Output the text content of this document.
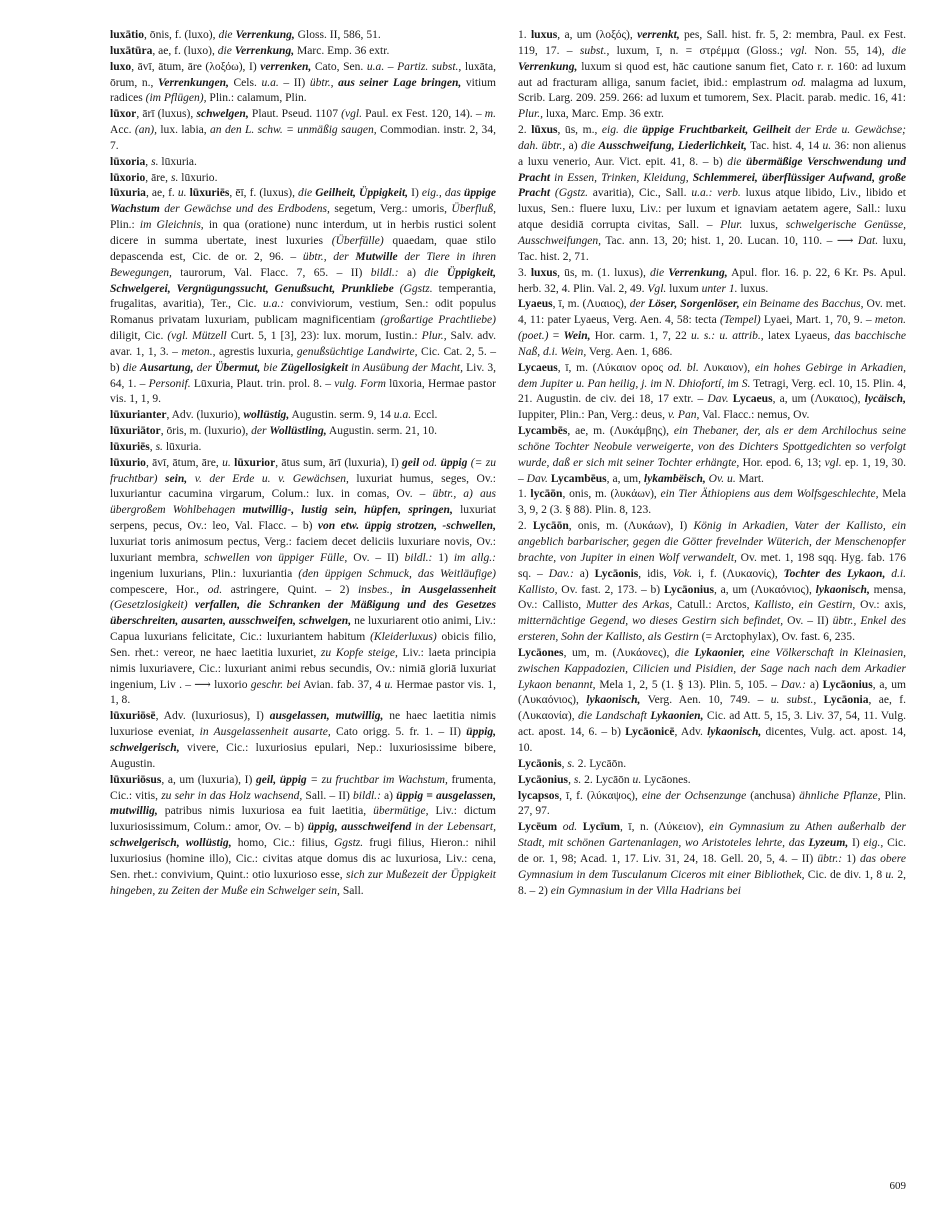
luxātio, ōnis, f. (luxo), die Verrenkung, Gloss. II, 586, 51.

luxātūra, ae, f. (luxo), die Verrenkung, Marc. Emp. 36 extr.

luxo, āvī, ātum, āre (λοξόω), I) verrenken, Cato, Sen. u.a. – Partiz. subst., luxāta, ōrum, n., Verrenkungen, Cels. u.a. – II) übtr., aus seiner Lage bringen, vitium radices (im Pflügen), Plin.: calamum, Plin.

lūxor, ārī (luxus), schwelgen, Plaut. Pseud. 1107 (vgl. Paul. ex Fest. 120, 14). – m. Acc. (an), lux. labia, an den L. schw. = unmäßig saugen, Commodian. instr. 2, 34, 7.

lūxoria, s. lūxuria.

lūxorio, āre, s. lūxurio.

lūxuria, ae, f. u. lūxuriēs, ēī, f. (luxus), die Geilheit, Üppigkeit, I) eig., das üppige Wachstum der Gewächse und des Erdbodens, segetum, Verg.: umoris, Überfluß, Plin.: im Gleichnis, in qua (oratione) nunc interdum, ut in herbis rustici solent dicere in summa ubertate, inest luxuries (Überfülle) quaedam, quae stilo depascenda est, Cic. de or. 2, 96. – übtr., der Mutwille der Tiere in ihren Bewegungen, taurorum, Val. Flacc. 7, 65. – II) bildl.: a) die Üppigkeit, Schwelgerei, Vergnügungssucht, Genußsucht, Prunkliebe (Ggstz. temperantia, frugalitas, avaritia), Ter., Cic. u.a.: conviviorum, vestium, Sen.: odit populus Romanus privatam luxuriam, publicam magnificentiam (großartige Prachtliebe) diligit, Cic. (vgl. Mützell Curt. 5, 1 [3], 23): lux. morum, Iustin.: Plur., Salv. adv. avar. 1, 1, 3. – meton., agrestis luxuria, genußsüchtige Landwirte, Cic. Cat. 2, 5. – b) die Ausartung, der Übermut, bie Zügellosigkeit in Ausübung der Macht, Liv. 3, 64, 1. – Personif. Lūxuria, Plaut. trin. prol. 8. – vulg. Form lūxoria, Hermae pastor vis. 1, 1, 9.

lūxurianter, Adv. (luxurio), wollüstig, Augustin. serm. 9, 14 u.a. Eccl.

lūxuriātor, ōris, m. (luxurio), der Wollüstling, Augustin. serm. 21, 10.

lūxuriēs, s. lūxuria.

lūxurio, āvī, ātum, āre, u. lūxurior, ātus sum, ārī (luxuria), I) geil od. üppig (= zu fruchtbar) sein, v. der Erde u. v. Gewächsen, luxuriat humus, seges, Ov.: luxuriantur cacumina virgarum, Colum.: lux. in comas, Ov. – übtr., a) aus übergroßem Wohlbehagen mutwillig-, lustig sein, hüpfen, springen, luxuriat serpens, pecus, Ov.: leo, Val. Flacc. – b) von etw. üppig strotzen, -schwellen, luxuriat toris animosum pectus, Verg.: faciem decet deliciis luxuriare novis, Ov.: luxuriant membra, schwellen von üppiger Fülle, Ov. – II) bildl.: 1) im allg.: ingenium luxurians, Plin.: luxuriantia (den üppigen Schmuck, das Weitläufige) compescere, Hor., od. astringere, Quint. – 2) insbes., in Ausgelassenheit (Gesetzlosigkeit) verfallen, die Schranken der Mäßigung und des Gesetzes überschreiten, ausarten, ausschweifen, schwelgen, ne luxuriarent otio animi, Liv.: Capua luxurians felicitate, Cic.: luxuriantem habitum (Kleiderluxus) obicis filio, Sen. rhet.: vereor, ne haec laetitia luxuriet, zu Kopfe steige, Liv.: laeta principia nimis luxuriavere, Cic.: luxuriant animi rebus secundis, Ov.: nimiā gloriā luxuriat ingenium, Liv . – ⟶ luxorio geschr. bei Avian. fab. 37, 4 u. Hermae pastor vis. 1, 1, 8.

lūxuriōsē, Adv. (luxuriosus), I) ausgelassen, mutwillig, ne haec laetitia nimis luxuriose eveniat, in Ausgelassenheit ausarte, Cato origg. 5. fr. 1. – II) üppig, schwelgerisch, vivere, Cic.: luxuriosius epulari, Nep.: luxuriosissime bibere, Augustin.

lūxuriōsus, a, um (luxuria), I) geil, üppig = zu fruchtbar im Wachstum, frumenta, Cic.: vitis, zu sehr in das Holz wachsend, Sall. – II) bildl.: a) üppig = ausgelassen, mutwillig, patribus nimis luxuriosa ea fuit laetitia, übermütige, Liv.: dictum luxuriosissimum, Colum.: amor, Ov. – b) üppig, ausschweifend in der Lebensart, schwelgerisch, wollüstig, homo, Cic.: filius, Ggstz. frugi filius, Hieron.: nihil luxuriosius (homine illo), Cic.: civitas atque domus dis ac luxuriosa, Liv.: cena, Sen. rhet.: convivium, Quint.: otio luxurioso esse, sich zur Mußezeit der Üppigkeit hingeben, zu Zeiten der Muße ein Schwelger sein, Sall.

1. luxus, a, um (λοξός), verrenkt, pes, Sall. hist. fr. 5, 2: membra, Paul. ex Fest. 119, 17. – subst., luxum, ī, n. = στρέμμα (Gloss.; vgl. Non. 55, 14), die Verrenkung, luxum si quod est, hāc cautione sanum fiet, Cato r. r. 160: ad luxum aut ad fracturam alliga, sanum faciet, ibid.: emplastrum od. malagma ad luxum, Scrib. Larg. 209. 259. 266: ad luxum et tumorem, Sex. Placit. parab. medic. 16, 41: Plur., luxa, Marc. Emp. 36 extr.

2. lūxus, ūs, m., eig. die üppige Fruchtbarkeit, Geilheit der Erde u. Gewächse; dah. übtr., a) die Ausschweifung, Liederlichkeit, Tac. hist. 4, 14 u. 36: non alienus a luxu venerio, Aur. Vict. epit. 41, 8. – b) die übermäßige Verschwendung und Pracht in Essen, Trinken, Kleidung, Schlemmerei, überflüssiger Aufwand, große Pracht (Ggstz. avaritia), Cic., Sall. u.a.: verb. luxus atque libido, Liv., libido et luxus, Sen.: fluere luxu, Liv.: per luxum et ignaviam aetatem agere, Sall.: luxu atque desidiā corrupta civitas, Sall. – Plur. luxus, schwelgerische Genüsse, Ausschweifungen, Tac. ann. 13, 20; hist. 1, 20. Lucan. 10, 110. – ⟶ Dat. luxu, Tac. hist. 2, 71.

3. luxus, ūs, m. (1. luxus), die Verrenkung, Apul. flor. 16. p. 22, 6 Kr. Ps. Apul. herb. 32, 4. Plin. Val. 2, 49. Vgl. luxum unter 1. luxus.

Lyaeus, ī, m. (Λυαιος), der Löser, Sorgenlöser, ein Beiname des Bacchus, Ov. met. 4, 11: pater Lyaeus, Verg. Aen. 4, 58: tecta (Tempel) Lyaei, Mart. 1, 70, 9. – meton. (poet.) = Wein, Hor. carm. 1, 7, 22 u. s.: u. attrib., latex Lyaeus, das bacchische Naß, d.i. Wein, Verg. Aen. 1, 686.

Lycaeus, ī, m. (Λύκαιον ορος od. bl. Λυκαιον), ein hohes Gebirge in Arkadien, dem Jupiter u. Pan heilig, j. im N. Dhiofortí, im S. Tetragi, Verg. ecl. 10, 15. Plin. 4, 21. Augustin. de civ. dei 18, 17 extr. – Dav. Lycaeus, a, um (Λυκαιος), lycäisch, Iuppiter, Plin.: Pan, Verg.: deus, v. Pan, Val. Flacc.: nemus, Ov.

Lycambēs, ae, m. (Λυκάμβης), ein Thebaner, der, als er dem Archilochus seine schöne Tochter Neobule verweigerte, von des Dichters Spottgedichten so verfolgt wurde, daß er sich mit seiner Tochter erhängte, Hor. epod. 6, 13; vgl. ep. 1, 19, 30. – Dav. Lycambēus, a, um, lykambëisch, Ov. u. Mart.

1. lycāōn, onis, m. (λυκάων), ein Tier Äthiopiens aus dem Wolfsgeschlechte, Mela 3, 9, 2 (3. § 88). Plin. 8, 123.

2. Lycāōn, onis, m. (Λυκάων), I) König in Arkadien, Vater der Kallisto, ein angeblich barbarischer, gegen die Götter frevelnder Wüterich, der Menschenopfer brachte, von Jupiter in einen Wolf verwandelt, Ov. met. 1, 198 sqq. Hyg. fab. 176 sq. – Dav.: a) Lycāonis, idis, Vok. i, f. (Λυκαονίς), Tochter des Lykaon, d.i. Kallisto, Ov. fast. 2, 173. – b) Lycāonius, a, um (Λυκαόνιος), lykaonisch, mensa, Ov.: Callisto, Mutter des Arkas, Catull.: Arctos, Kallisto, ein Gestirn, Ov.: axis, mitternächtige Gegend, wo dieses Gestirn sich befindet, Ov. – II) übtr., Enkel des ersteren, Sohn der Kallisto, als Gestirn (= Arctophylax), Ov. fast. 6, 235.

Lycāones, um, m. (Λυκάονες), die Lykaonier, eine Völkerschaft in Kleinasien, zwischen Kappadozien, Cilicien und Pisidien, der Sage nach nach dem Arkadier Lykaon benannt, Mela 1, 2, 5 (1. § 13). Plin. 5, 105. – Dav.: a) Lycāonius, a, um (Λυκαόνιος), lykaonisch, Verg. Aen. 10, 749. – u. subst., Lycāonia, ae, f. (Λυκαονία), die Landschaft Lykaonien, Cic. ad Att. 5, 15, 3. Liv. 37, 54, 11. Vulg. act. apost. 14, 6. – b) Lycāonicē, Adv. lykaonisch, dicentes, Vulg. act. apost. 14, 10.

Lycāonis, s. 2. Lycāōn.

Lycāonius, s. 2. Lycāōn u. Lycāones.

lycapsos, ī, f. (λύκαψος), eine der Ochsenzunge (anchusa) ähnliche Pflanze, Plin. 27, 97.

Lycēum od. Lycīum, ī, n. (Λύκειον), ein Gymnasium zu Athen außerhalb der Stadt, mit schönen Gartenanlagen, wo Aristoteles lehrte, das Lyzeum, I) eig., Cic. de or. 1, 98; Acad. 1, 17. Liv. 31, 24, 18. Gell. 20, 5, 4. – II) übtr.: 1) das obere Gymnasium in dem Tusculanum Ciceros mit einer Bibliothek, Cic. de div. 1, 8 u. 2, 8. – 2) ein Gymnasium in der Villa Hadrians bei

609
